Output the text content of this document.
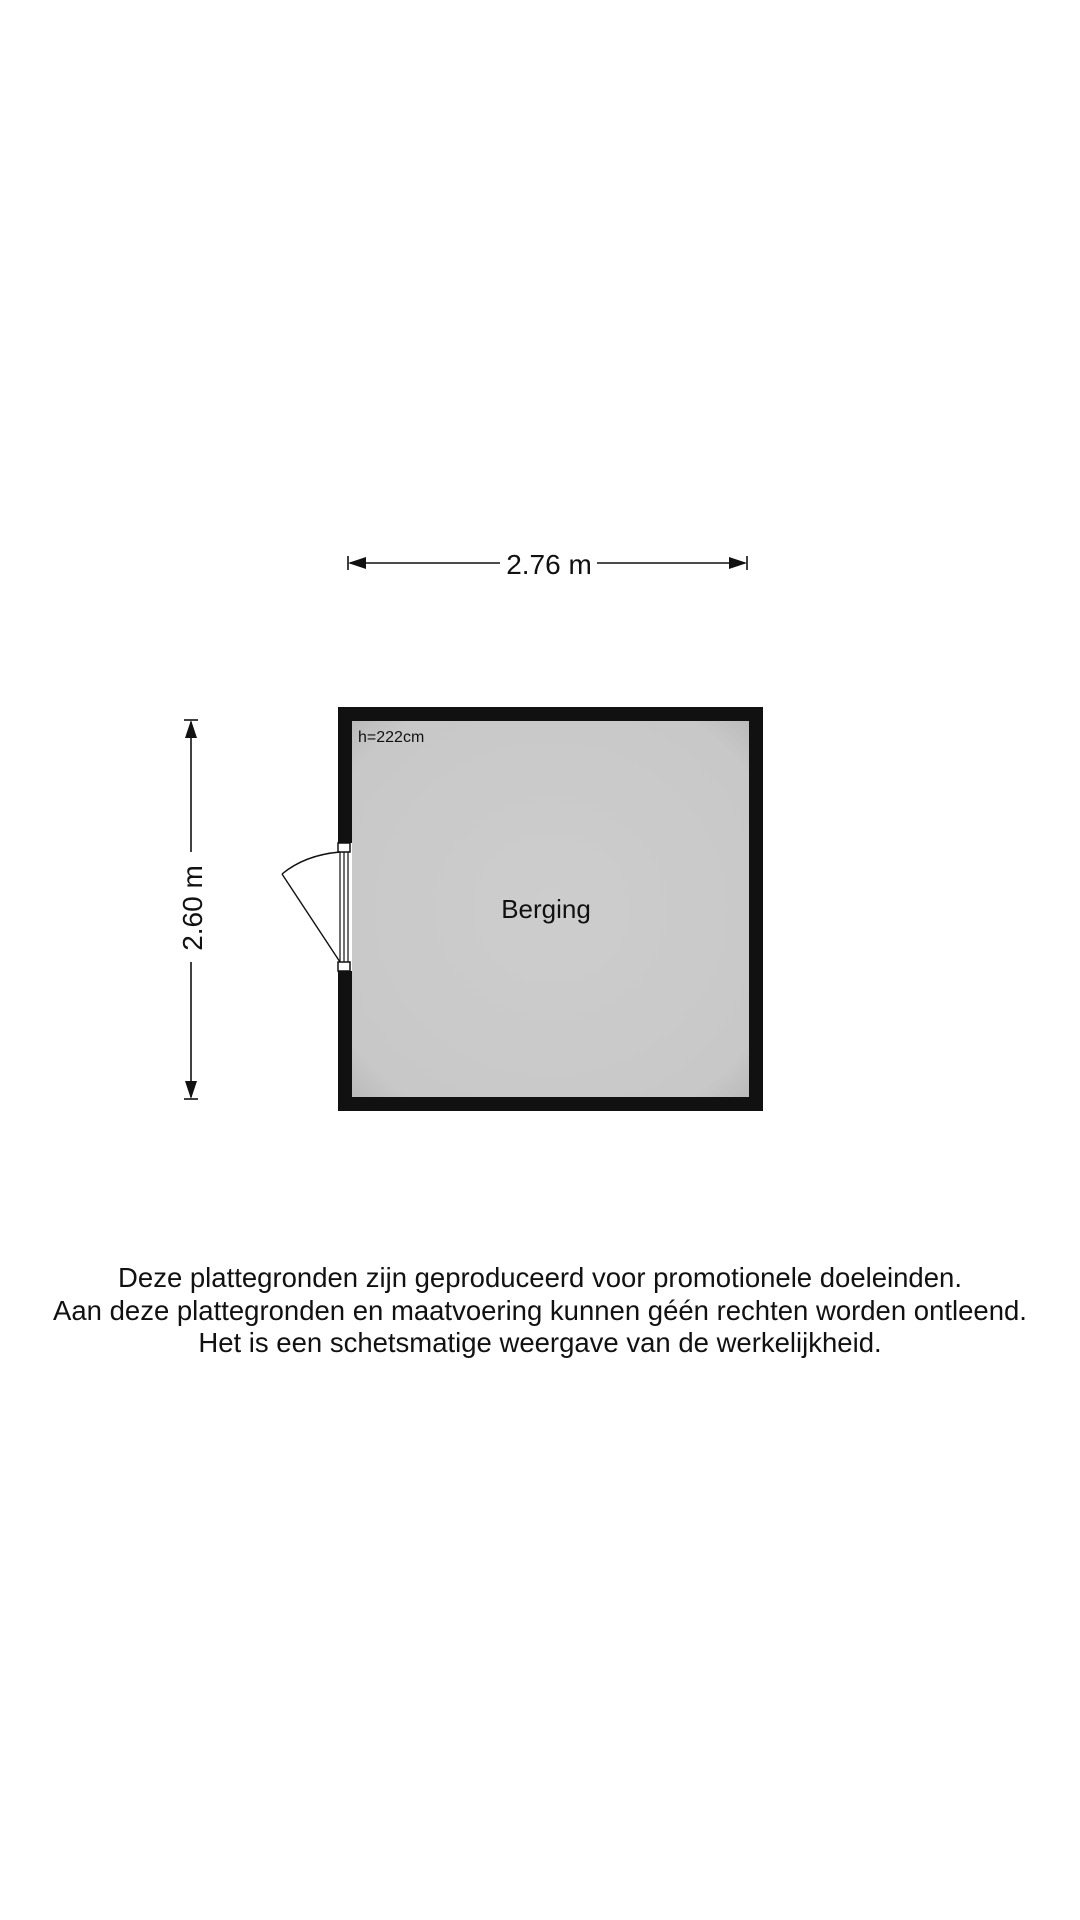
2.76 m
2.60 m
h=222cm
Berging
Deze plattegronden zijn geproduceerd voor promotionele doeleinden.
Aan deze plattegronden en maatvoering kunnen géén rechten worden ontleend.
Het is een schetsmatige weergave van de werkelijkheid.
